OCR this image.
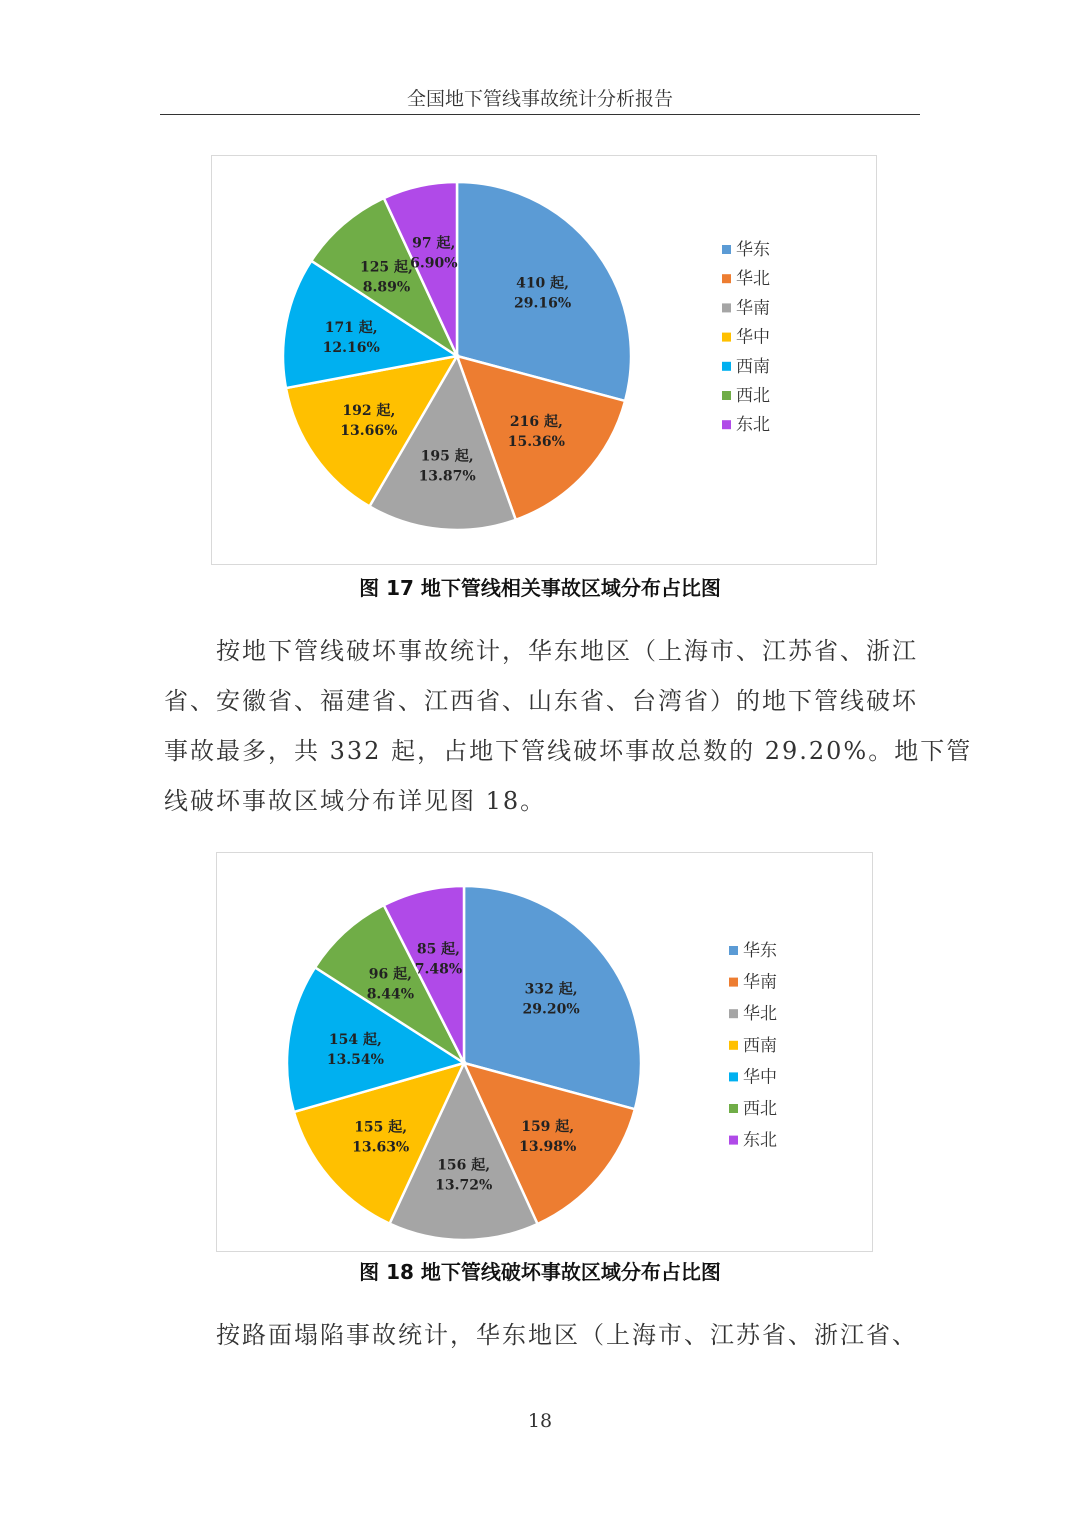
全国地下管线事故统计分析报告
410 起,
29.16%
216 起,
15.36%
195 起,
13.87%
192 起,
13.66%
171 起,
12.16%
125 起,
8.89%
97 起,
6.90%
华东
华北
华南
华中
西南
西北
东北
图 17 地下管线相关事故区域分布占比图
按地下管线破坏事故统计，华东地区（上海市、江苏省、浙江
省、安徽省、福建省、江西省、山东省、台湾省）的地下管线破坏
事故最多，共 332 起，占地下管线破坏事故总数的 29.20%。地下管
线破坏事故区域分布详见图 18。
332 起,
29.20%
159 起,
13.98%
156 起,
13.72%
155 起,
13.63%
154 起,
13.54%
96 起,
8.44%
85 起,
7.48%
华东
华南
华北
西南
华中
西北
东北
图 18 地下管线破坏事故区域分布占比图
按路面塌陷事故统计，华东地区（上海市、江苏省、浙江省、
18
